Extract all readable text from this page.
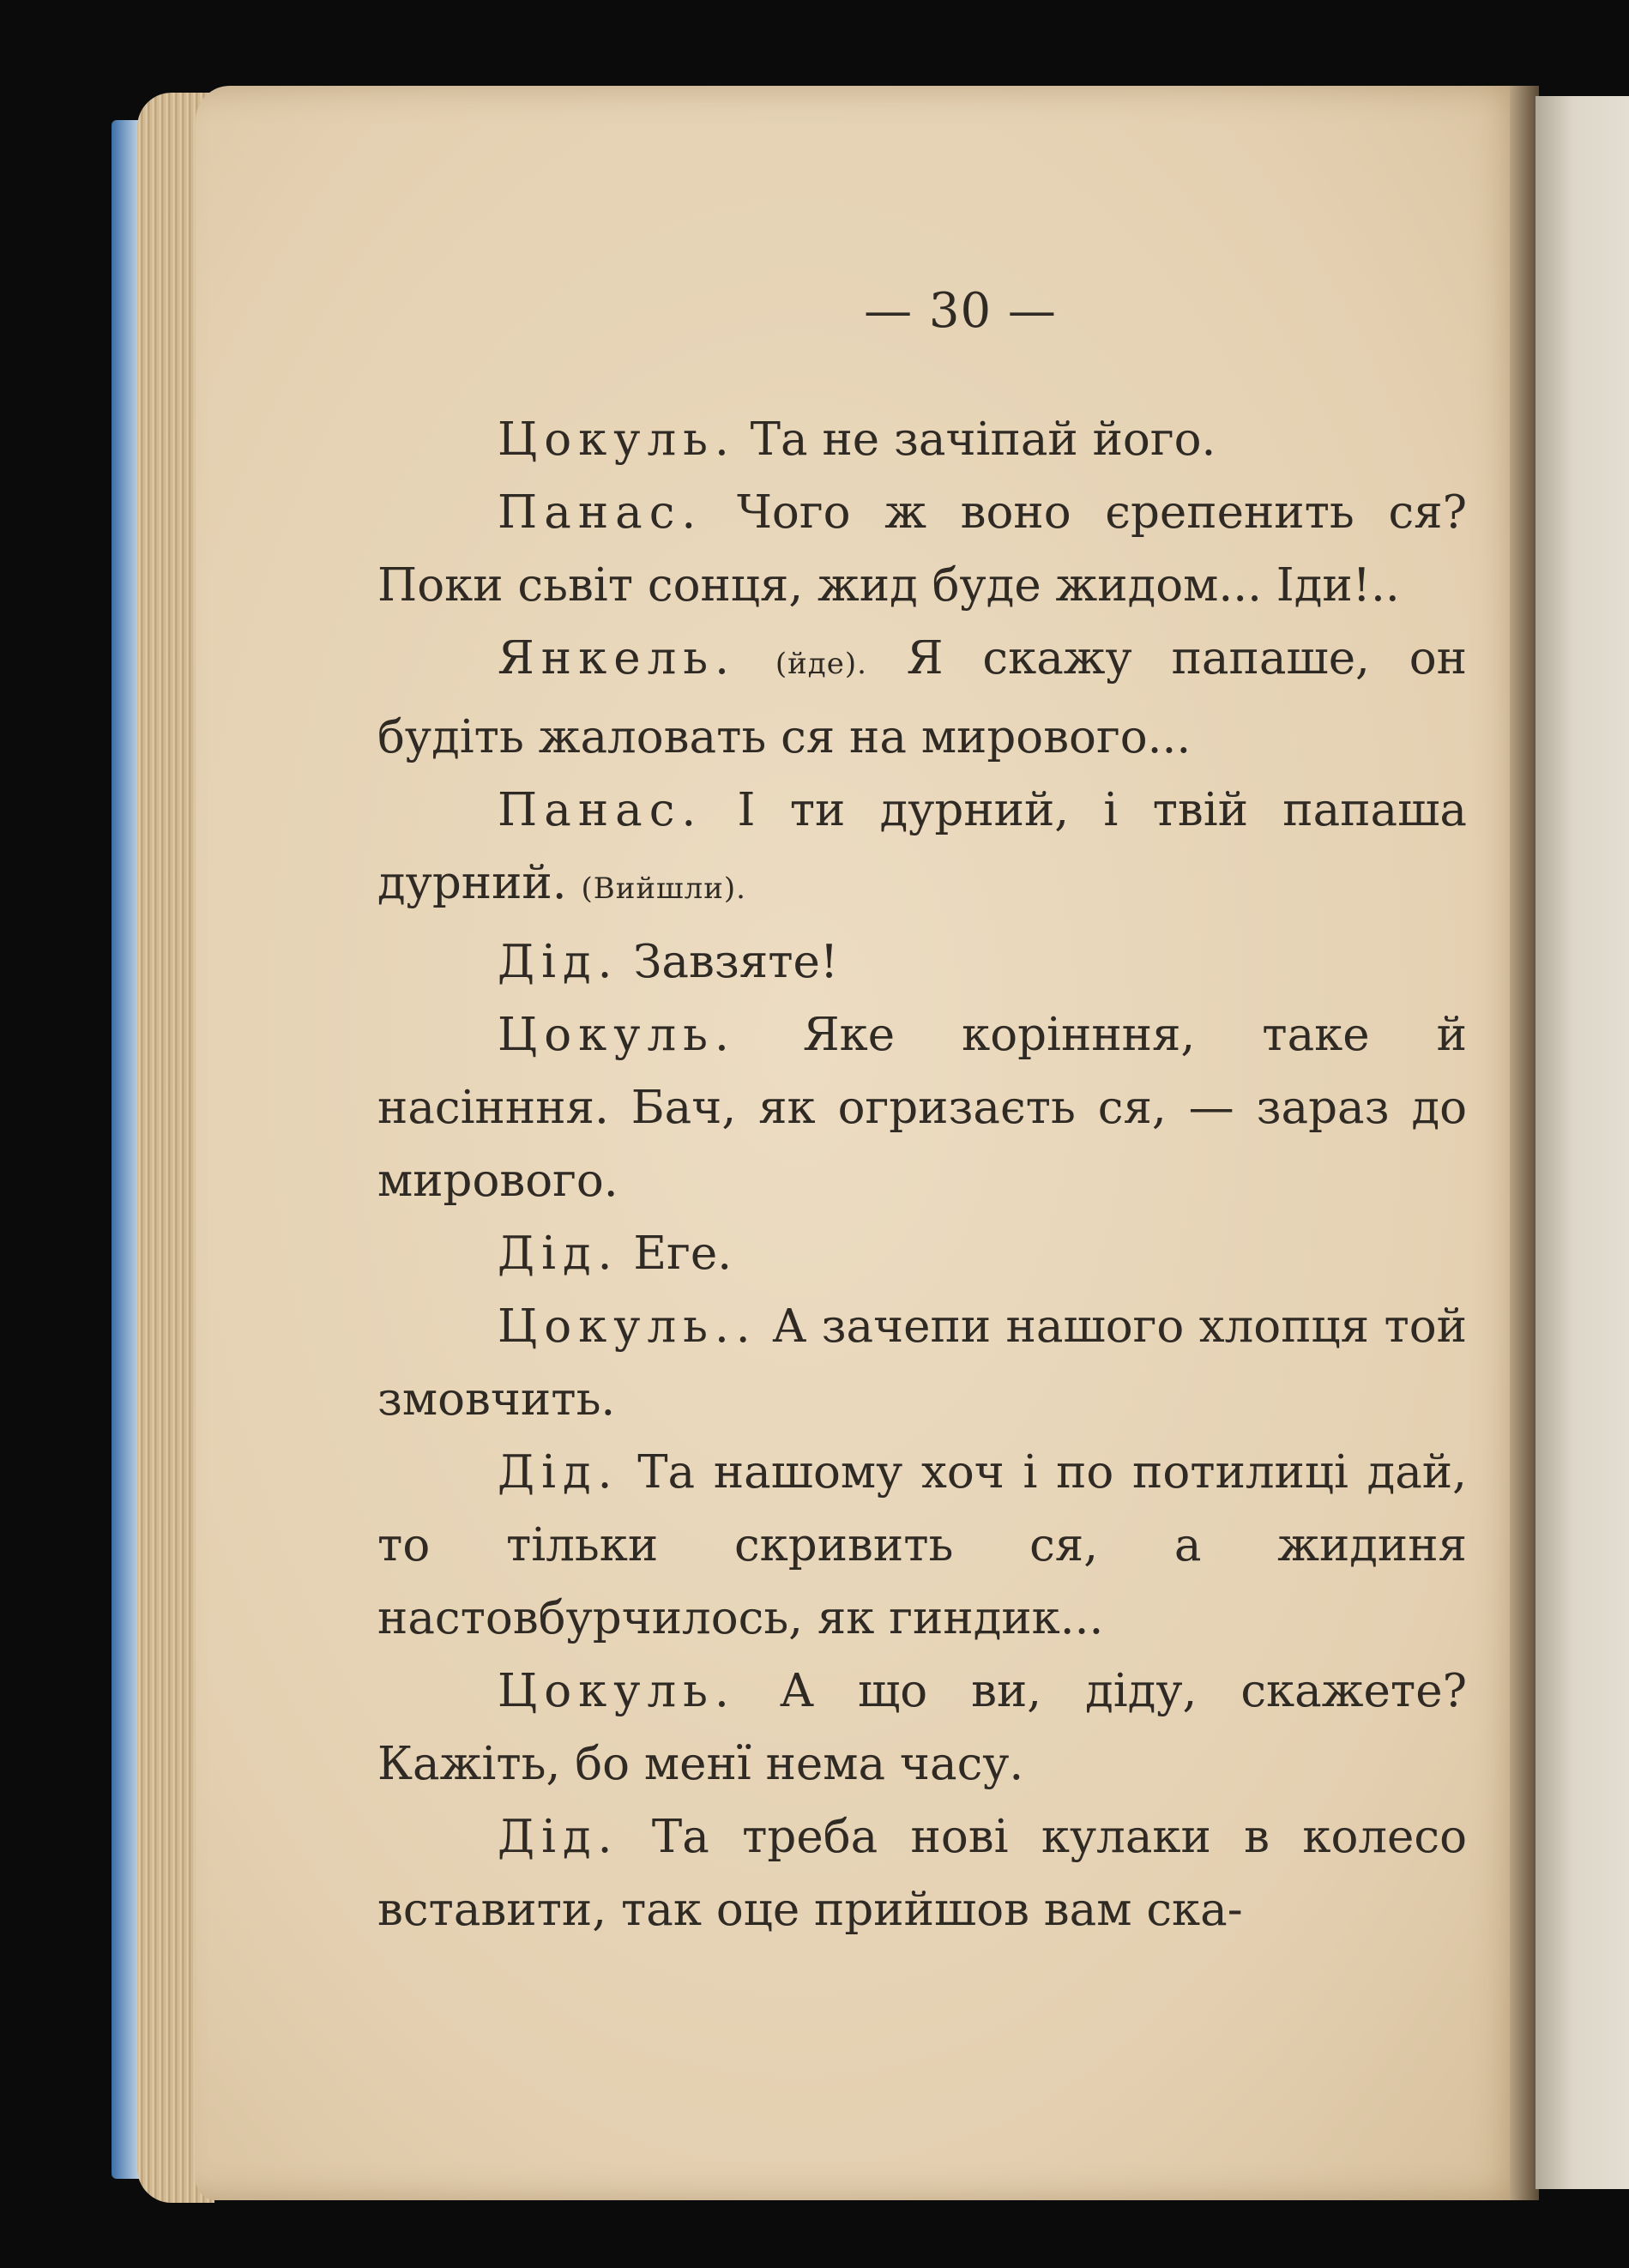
— 30 —

Цокуль. Та не зачіпай його.

Панас. Чого ж воно єрепенить ся? Поки сьвіт сонця, жид буде жидом... Іди!..

Янкель. (йде). Я скажу папаше, он будіть жаловать ся на мирового...

Панас. І ти дурний, і твій папаша дурний. (Вийшли).

Дід. Завзяте!

Цокуль. Яке корінння, таке й насінння. Бач, як огризаєть ся, — зараз до мирового.

Дід. Еге.

Цокуль.. А зачепи нашого хлопця той змовчить.

Дід. Та нашому хоч і по потилиці дай, то тільки скривить ся, а жидиня настовбурчилось, як гиндик...

Цокуль. А що ви, діду, скажете? Кажіть, бо менї нема часу.

Дід. Та треба нові кулаки в колесо вставити, так оце прийшов вам ска-
